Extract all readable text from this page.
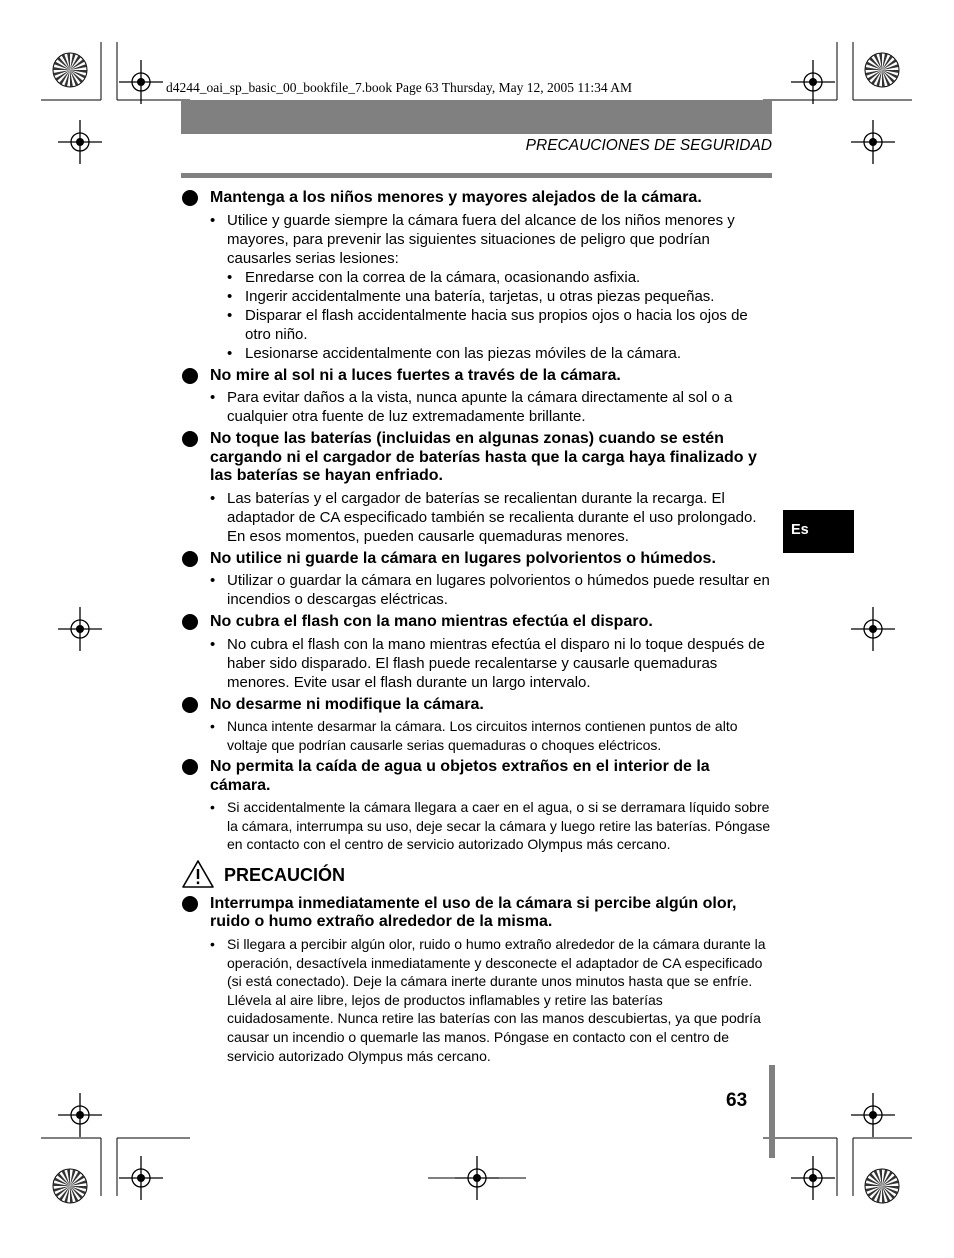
d4244_oai_sp_basic_00_bookfile_7.book Page 63 Thursday, May 12, 2005 11:34 AM
PRECAUCIONES DE SEGURIDAD
Es
Mantenga a los niños menores y mayores alejados de la cámara.
• Utilice y guarde siempre la cámara fuera del alcance de los niños menores y mayores, para prevenir las siguientes situaciones de peligro que podrían causarles serias lesiones:
• Enredarse con la correa de la cámara, ocasionando asfixia.
• Ingerir accidentalmente una batería, tarjetas, u otras piezas pequeñas.
• Disparar el flash accidentalmente hacia sus propios ojos o hacia los ojos de otro niño.
• Lesionarse accidentalmente con las piezas móviles de la cámara.
No mire al sol ni a luces fuertes a través de la cámara.
• Para evitar daños a la vista, nunca apunte la cámara directamente al sol o a cualquier otra fuente de luz extremadamente brillante.
No toque las baterías (incluidas en algunas zonas) cuando se estén cargando ni el cargador de baterías hasta que la carga haya finalizado y las baterías se hayan enfriado.
• Las baterías y el cargador de baterías se recalientan durante la recarga. El adaptador de CA especificado también se recalienta durante el uso prolongado. En esos momentos, pueden causarle quemaduras menores.
No utilice ni guarde la cámara en lugares polvorientos o húmedos.
• Utilizar o guardar la cámara en lugares polvorientos o húmedos puede resultar en incendios o descargas eléctricas.
No cubra el flash con la mano mientras efectúa el disparo.
• No cubra el flash con la mano mientras efectúa el disparo ni lo toque después de haber sido disparado. El flash puede recalentarse y causarle quemaduras menores. Evite usar el flash durante un largo intervalo.
No desarme ni modifique la cámara.
• Nunca intente desarmar la cámara. Los circuitos internos contienen puntos de alto voltaje que podrían causarle serias quemaduras o choques eléctricos.
No permita la caída de agua u objetos extraños en el interior de la cámara.
• Si accidentalmente la cámara llegara a caer en el agua, o si se derramara líquido sobre la cámara, interrumpa su uso, deje secar la cámara y luego retire las baterías. Póngase en contacto con el centro de servicio autorizado Olympus más cercano.
PRECAUCIÓN
Interrumpa inmediatamente el uso de la cámara si percibe algún olor, ruido o humo extraño alrededor de la misma.
• Si llegara a percibir algún olor, ruido o humo extraño alrededor de la cámara durante la operación, desactívela inmediatamente y desconecte el adaptador de CA especificado (si está conectado). Deje la cámara inerte durante unos minutos hasta que se enfríe. Llévela al aire libre, lejos de productos inflamables y retire las baterías cuidadosamente. Nunca retire las baterías con las manos descubiertas, ya que podría causar un incendio o quemarle las manos. Póngase en contacto con el centro de servicio autorizado Olympus más cercano.
63
